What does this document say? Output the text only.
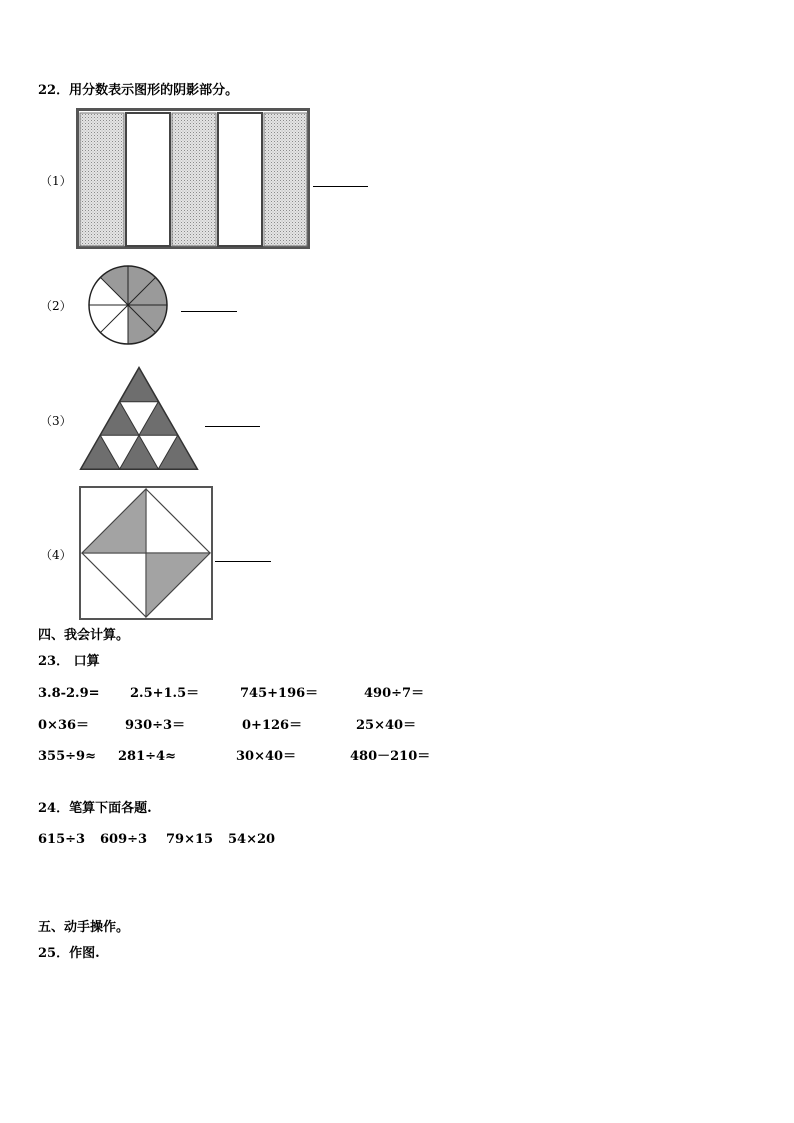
22．用分数表示图形的阴影部分。
（1）
（2）
（3）
（4）
四、我会计算。
23． 口算
3.8-2.9= 2.5+1.5＝	745+196＝	490÷7＝
0×36＝	930÷3＝	0+126＝	25×40＝
355÷9≈ 281÷4≈	30×40＝	480－210＝
24．笔算下面各题.
615÷3 609÷3 79×15 54×20
五、动手操作。
25．作图.
